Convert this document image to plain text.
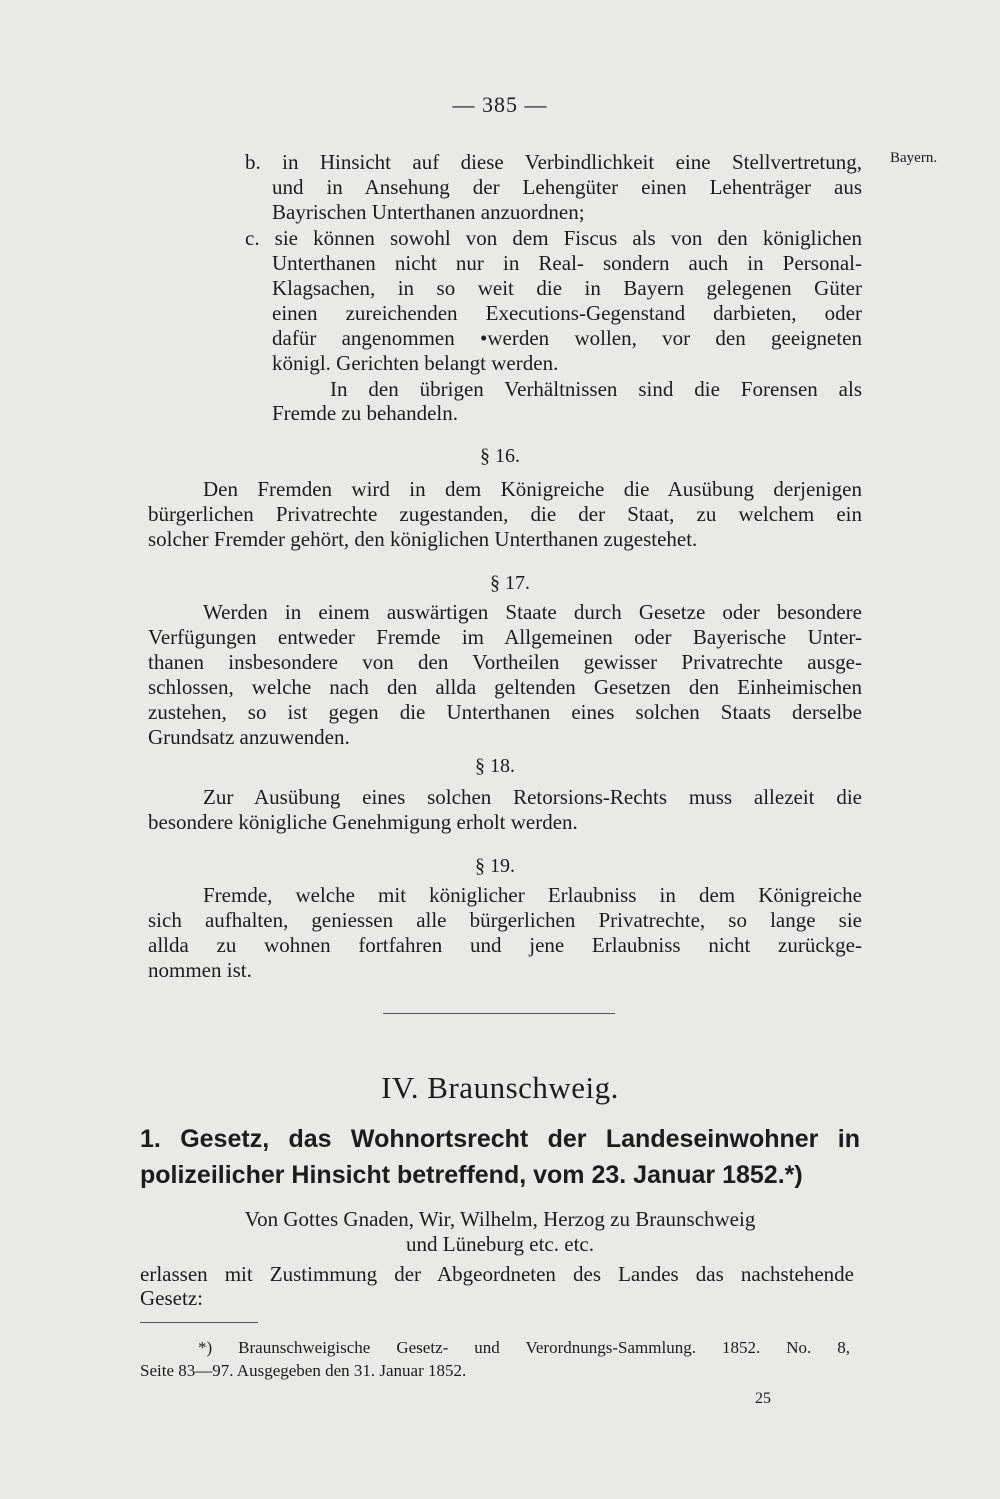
— 385 —
Bayern.
b. in Hinsicht auf diese Verbindlichkeit eine Stellvertretung,
und in Ansehung der Lehengüter einen Lehenträger aus
Bayrischen Unterthanen anzuordnen;
c. sie können sowohl von dem Fiscus als von den königlichen
Unterthanen nicht nur in Real- sondern auch in Personal-
Klagsachen, in so weit die in Bayern gelegenen Güter
einen zureichenden Executions-Gegenstand darbieten, oder
dafür angenommen •werden wollen, vor den geeigneten
königl. Gerichten belangt werden.
In den übrigen Verhältnissen sind die Forensen als
Fremde zu behandeln.
§ 16.
Den Fremden wird in dem Königreiche die Ausübung derjenigen
bürgerlichen Privatrechte zugestanden, die der Staat, zu welchem ein
solcher Fremder gehört, den königlichen Unterthanen zugestehet.
§ 17.
Werden in einem auswärtigen Staate durch Gesetze oder besondere
Verfügungen entweder Fremde im Allgemeinen oder Bayerische Unter-
thanen insbesondere von den Vortheilen gewisser Privatrechte ausge-
schlossen, welche nach den allda geltenden Gesetzen den Einheimischen
zustehen, so ist gegen die Unterthanen eines solchen Staats derselbe
Grundsatz anzuwenden.
§ 18.
Zur Ausübung eines solchen Retorsions-Rechts muss allezeit die
besondere königliche Genehmigung erholt werden.
§ 19.
Fremde, welche mit königlicher Erlaubniss in dem Königreiche
sich aufhalten, geniessen alle bürgerlichen Privatrechte, so lange sie
allda zu wohnen fortfahren und jene Erlaubniss nicht zurückge-
nommen ist.
IV. Braunschweig.
1. Gesetz, das Wohnortsrecht der Landeseinwohner in
polizeilicher Hinsicht betreffend, vom 23. Januar 1852.*)
Von Gottes Gnaden, Wir, Wilhelm, Herzog zu Braunschweig
und Lüneburg etc. etc.
erlassen mit Zustimmung der Abgeordneten des Landes das nachstehende
Gesetz:
*) Braunschweigische Gesetz- und Verordnungs-Sammlung. 1852. No. 8,
Seite 83—97. Ausgegeben den 31. Januar 1852.
25
